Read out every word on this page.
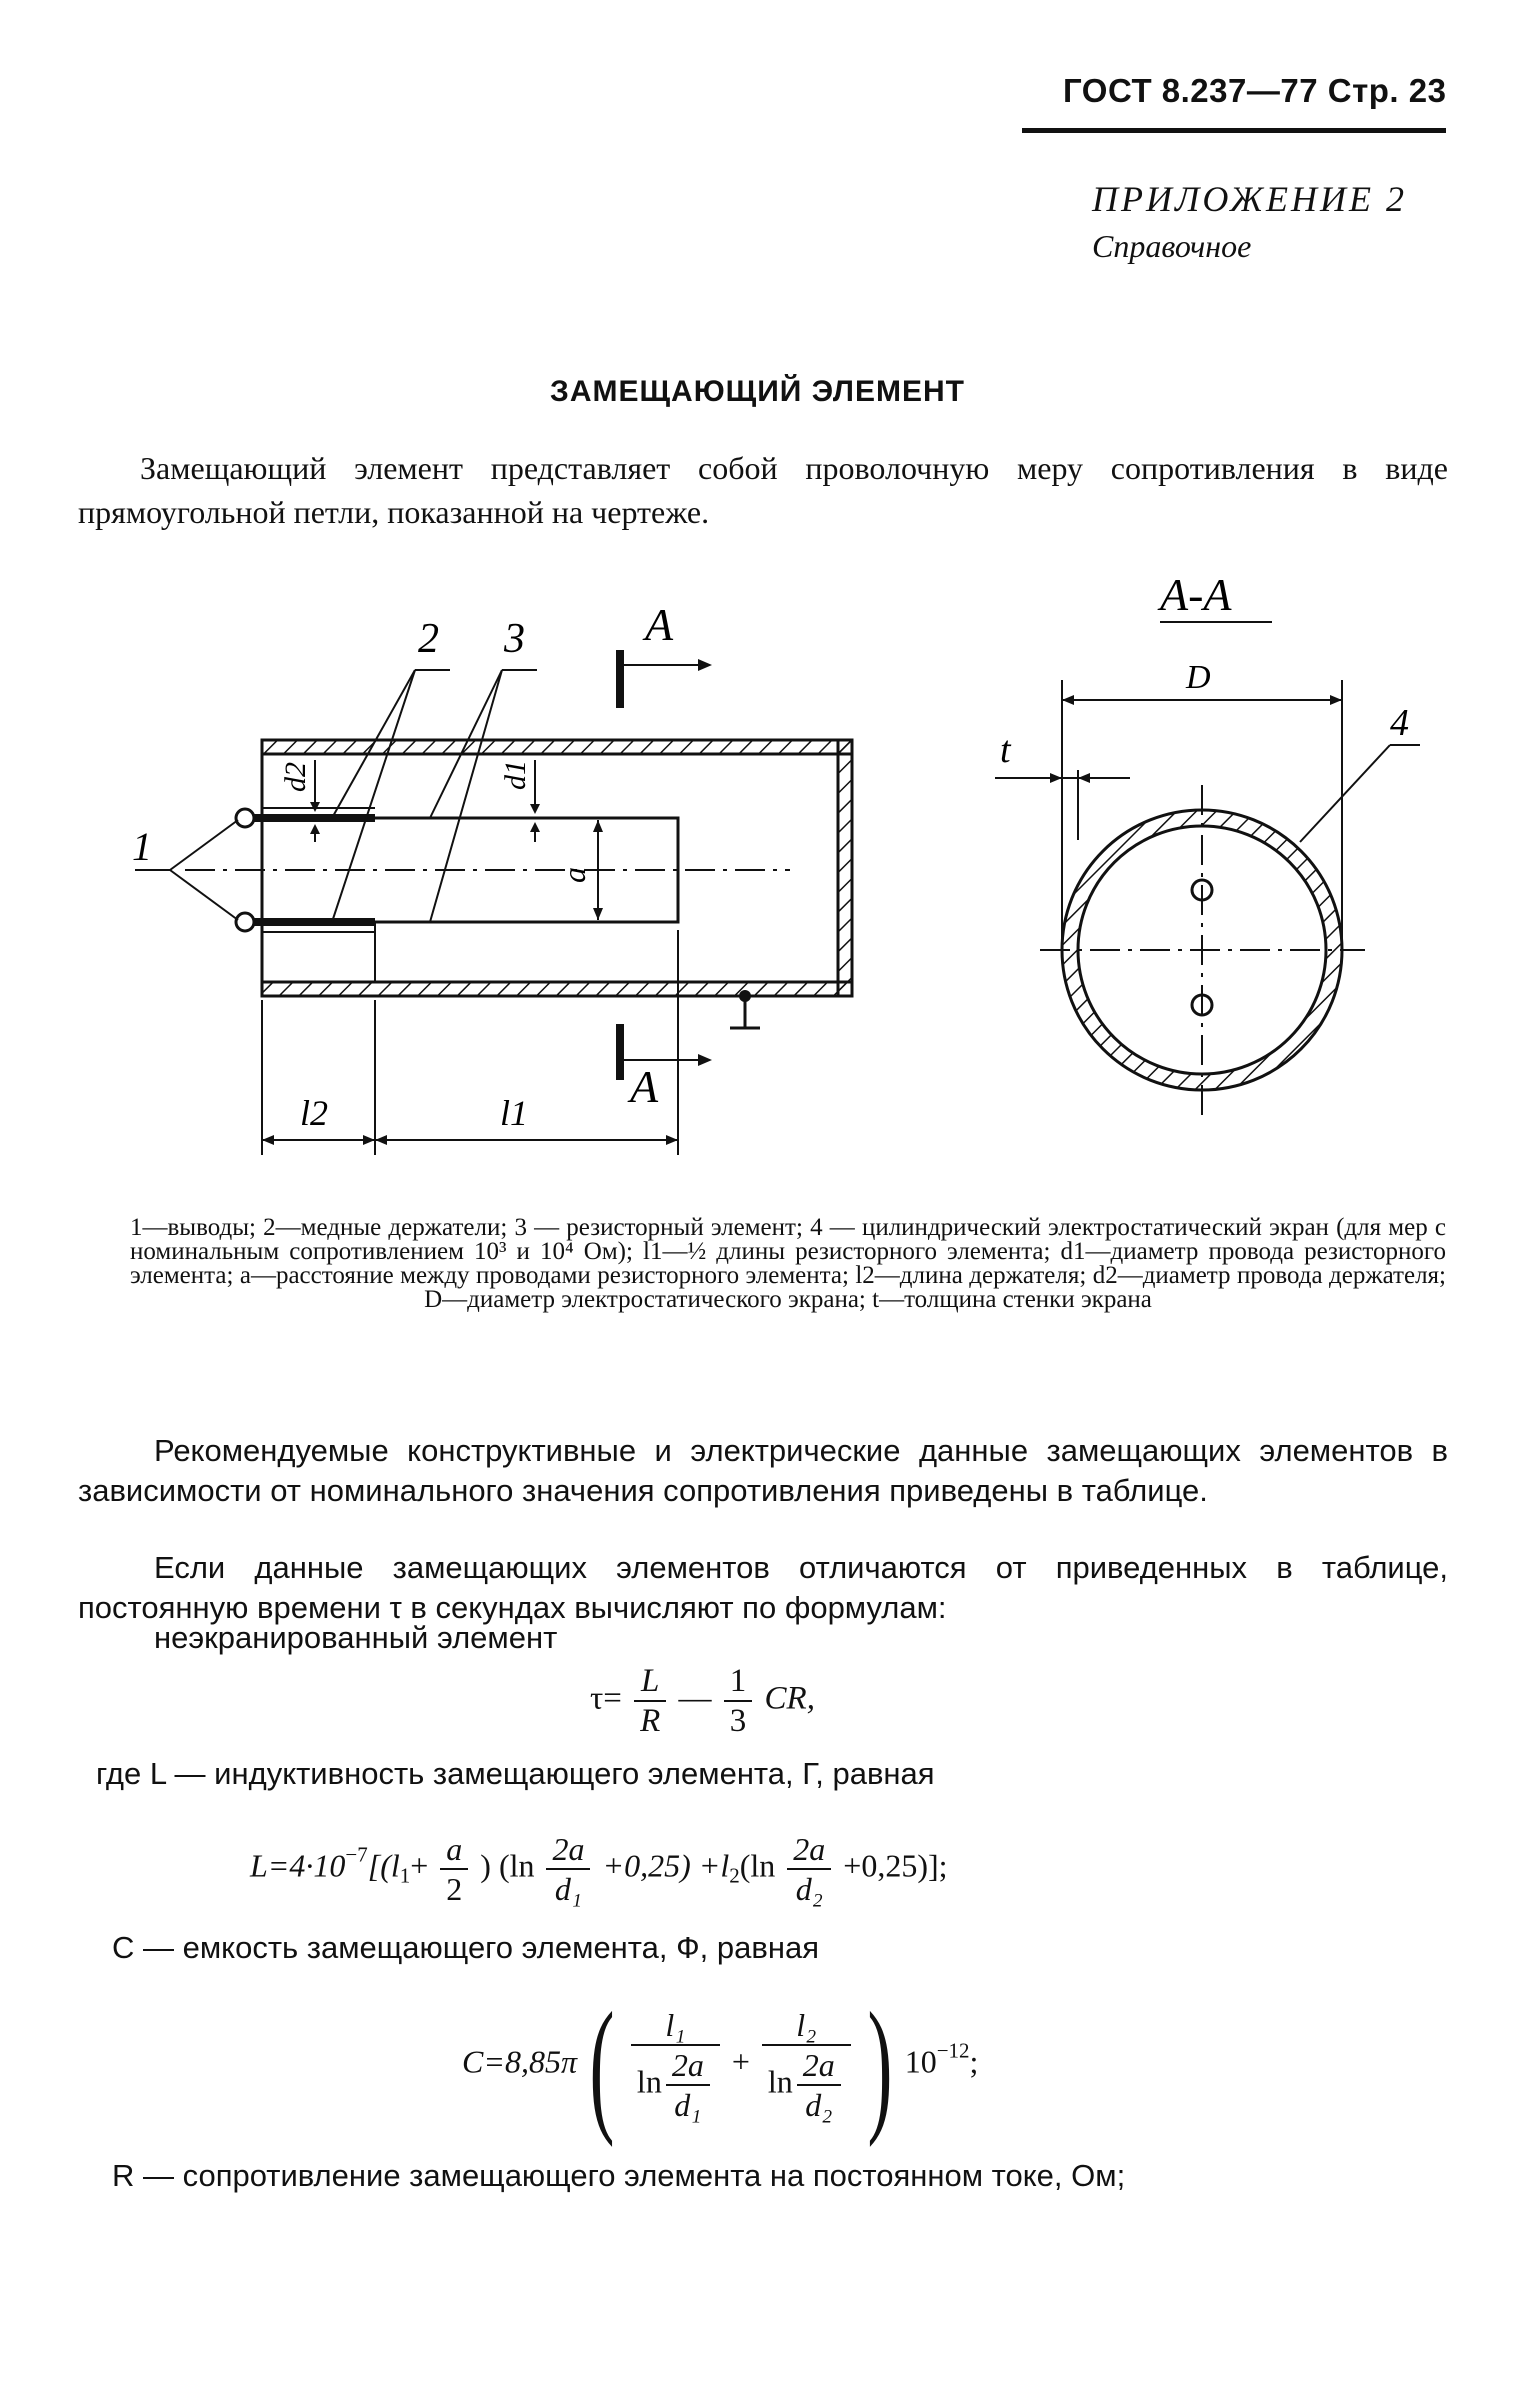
ГОСТ 8.237—77 Стр. 23
ПРИЛОЖЕНИЕ 2
Справочное
ЗАМЕЩАЮЩИЙ ЭЛЕМЕНТ
Замещающий элемент представляет собой проволочную меру сопротивления в виде прямоугольной петли, показанной на чертеже.
1
2 3	А
А
d2	d1
a
l2	l1
А-А
D
t
4
1—выводы; 2—медные держатели; 3 — резисторный элемент; 4 — цилиндрический электростатический экран (для мер с номинальным сопротивлением 10³ и 10⁴ Ом); l1—½ длины резисторного элемента; d1—диаметр провода резисторного элемента; a—расстояние между проводами резисторного элемента; l2—длина держателя; d2—диаметр провода держателя; D—диаметр электростатического экрана; t—толщина стенки экрана
Рекомендуемые конструктивные и электрические данные замещающих элементов в зависимости от номинального значения сопротивления приведены в таблице.
Если данные замещающих элементов отличаются от приведенных в таблице, постоянную времени τ в секундах вычисляют по формулам:
неэкранированный элемент
$\tau= \frac{L}{R}$ — $\frac{1}{3}$ CR,
где L — индуктивность замещающего элемента, Г, равная
$L=4\cdot 10^{-7}[(l_1+ \frac{a}{2}$ ) $(\ln \frac{2a}{\text{d₁}} +0,25) +l_2(\ln \frac{2a}{\text{d₂}} +0,25)$];
C — емкость замещающего элемента, Ф, равная
$C=8,85\pi( \frac{\text{l₁}}{\ln \frac{2a}{\text{d₁}}} + \frac{\text{l₂}}{\ln \frac{2a}{\text{d₂}}}$ ) $10^{-12}$;
R — сопротивление замещающего элемента на постоянном токе, Ом;
